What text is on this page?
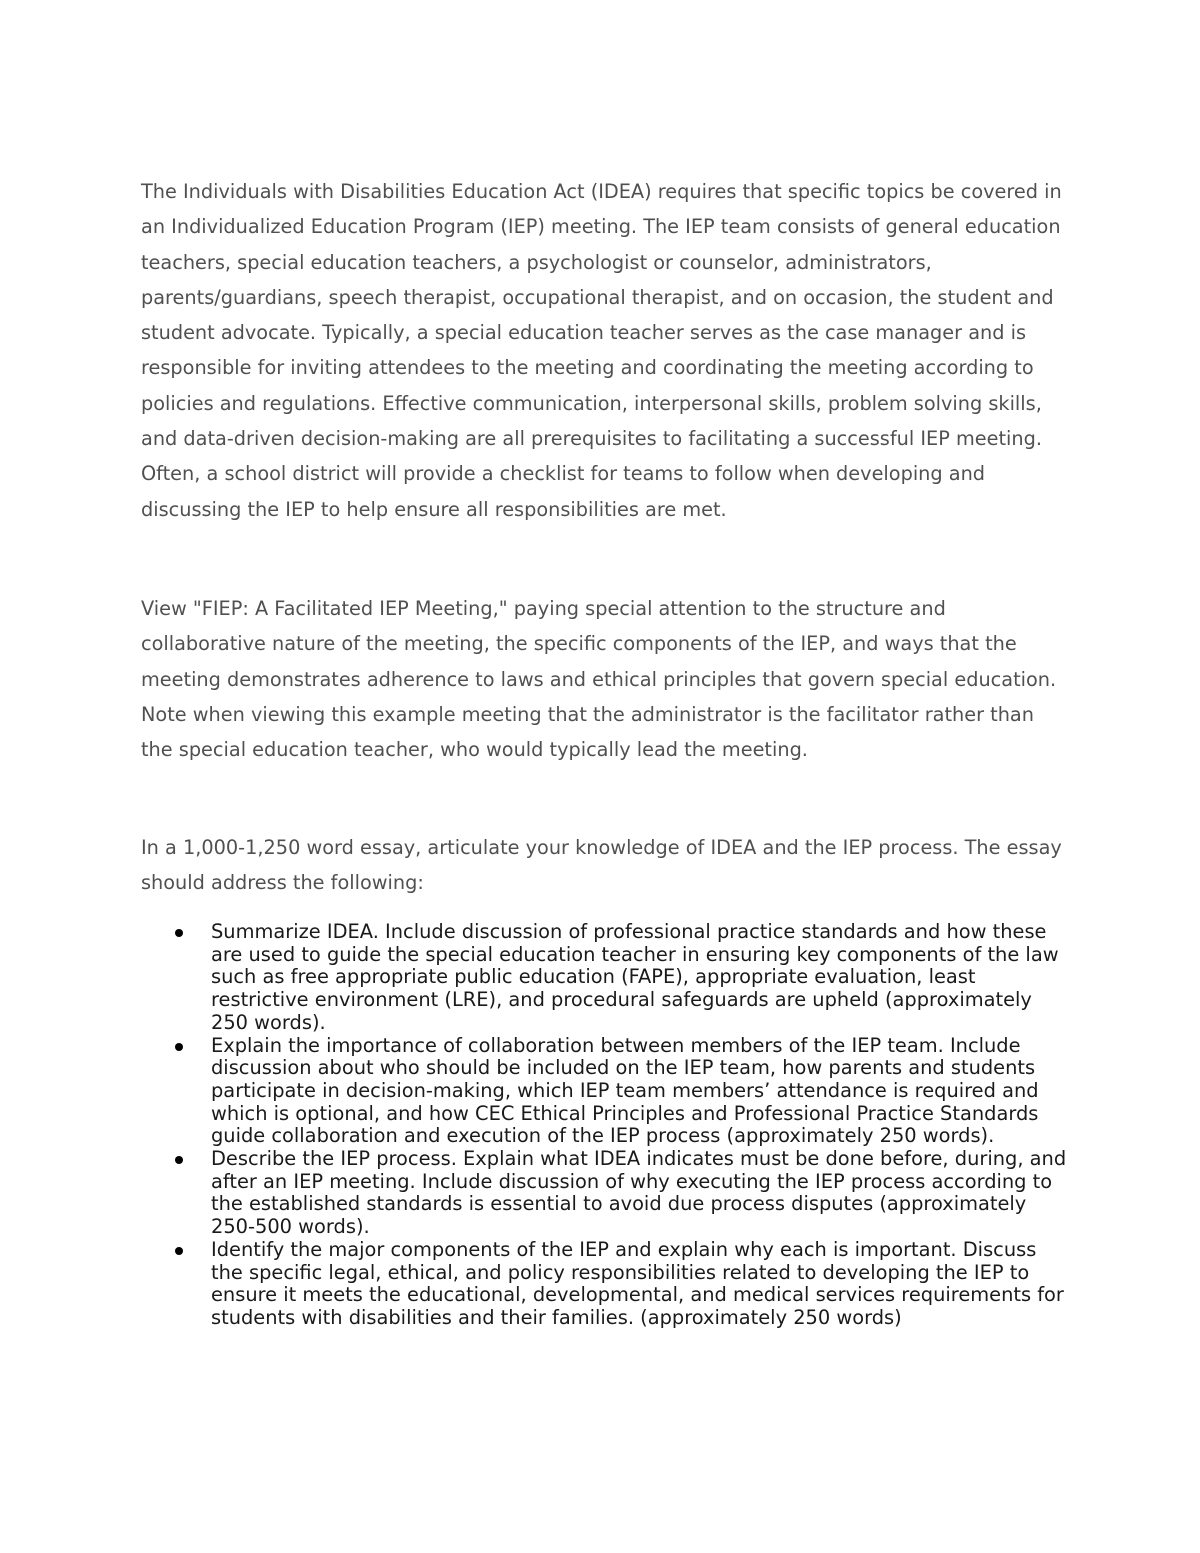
The Individuals with Disabilities Education Act (IDEA) requires that specific topics be covered in an Individualized Education Program (IEP) meeting. The IEP team consists of general education teachers, special education teachers, a psychologist or counselor, administrators, parents/guardians, speech therapist, occupational therapist, and on occasion, the student and student advocate. Typically, a special education teacher serves as the case manager and is responsible for inviting attendees to the meeting and coordinating the meeting according to policies and regulations. Effective communication, interpersonal skills, problem solving skills, and data-driven decision-making are all prerequisites to facilitating a successful IEP meeting. Often, a school district will provide a checklist for teams to follow when developing and discussing the IEP to help ensure all responsibilities are met.

View "FIEP: A Facilitated IEP Meeting," paying special attention to the structure and collaborative nature of the meeting, the specific components of the IEP, and ways that the meeting demonstrates adherence to laws and ethical principles that govern special education. Note when viewing this example meeting that the administrator is the facilitator rather than the special education teacher, who would typically lead the meeting.

In a 1,000-1,250 word essay, articulate your knowledge of IDEA and the IEP process. The essay should address the following:

Summarize IDEA. Include discussion of professional practice standards and how these are used to guide the special education teacher in ensuring key components of the law such as free appropriate public education (FAPE), appropriate evaluation, least restrictive environment (LRE), and procedural safeguards are upheld (approximately 250 words).
Explain the importance of collaboration between members of the IEP team. Include discussion about who should be included on the IEP team, how parents and students participate in decision-making, which IEP team members’ attendance is required and which is optional, and how CEC Ethical Principles and Professional Practice Standards guide collaboration and execution of the IEP process (approximately 250 words).
Describe the IEP process. Explain what IDEA indicates must be done before, during, and after an IEP meeting. Include discussion of why executing the IEP process according to the established standards is essential to avoid due process disputes (approximately 250-500 words).
Identify the major components of the IEP and explain why each is important. Discuss the specific legal, ethical, and policy responsibilities related to developing the IEP to ensure it meets the educational, developmental, and medical services requirements for students with disabilities and their families. (approximately 250 words)
